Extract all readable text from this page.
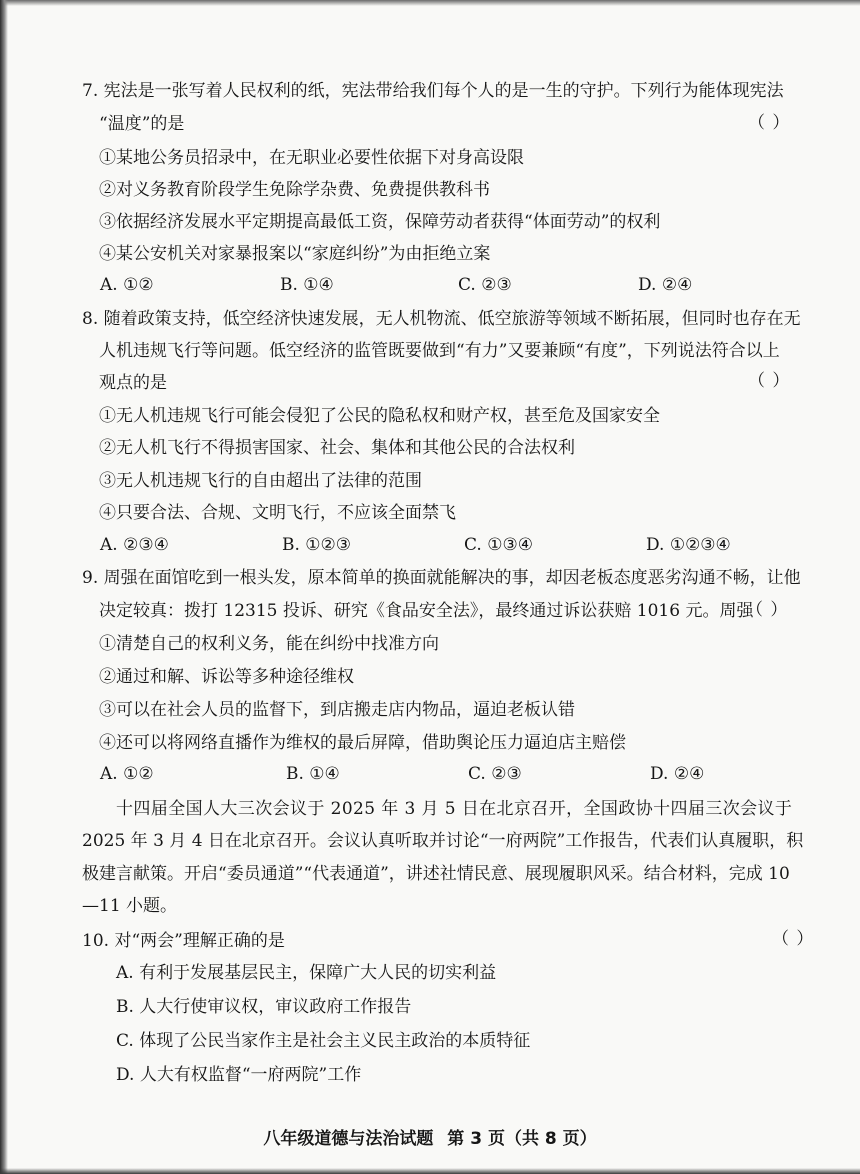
7. 宪法是一张写着人民权利的纸，宪法带给我们每个人的是一生的守护。下列行为能体现宪法
“温度”的是	（ ）
①某地公务员招录中，在无职业必要性依据下对身高设限
②对义务教育阶段学生免除学杂费、免费提供教科书
③依据经济发展水平定期提高最低工资，保障劳动者获得“体面劳动”的权利
④某公安机关对家暴报案以“家庭纠纷”为由拒绝立案
A. ①②	B. ①④	C. ②③	D. ②④
8. 随着政策支持，低空经济快速发展，无人机物流、低空旅游等领域不断拓展，但同时也存在无
人机违规飞行等问题。低空经济的监管既要做到“有力”又要兼顾“有度”，下列说法符合以上
观点的是	（ ）
①无人机违规飞行可能会侵犯了公民的隐私权和财产权，甚至危及国家安全
②无人机飞行不得损害国家、社会、集体和其他公民的合法权利
③无人机违规飞行的自由超出了法律的范围
④只要合法、合规、文明飞行，不应该全面禁飞
A. ②③④	B. ①②③	C. ①③④	D. ①②③④
9. 周强在面馆吃到一根头发，原本简单的换面就能解决的事，却因老板态度恶劣沟通不畅，让他
决定较真：拨打 12315 投诉、研究《食品安全法》，最终通过诉讼获赔 1016 元。周强
（ ）
①清楚自己的权利义务，能在纠纷中找准方向
②通过和解、诉讼等多种途径维权
③可以在社会人员的监督下，到店搬走店内物品，逼迫老板认错
④还可以将网络直播作为维权的最后屏障，借助舆论压力逼迫店主赔偿
A. ①②	B. ①④	C. ②③	D. ②④
十四届全国人大三次会议于 2025 年 3 月 5 日在北京召开，全国政协十四届三次会议于
2025 年 3 月 4 日在北京召开。会议认真听取并讨论“一府两院”工作报告，代表们认真履职，积
极建言献策。开启“委员通道”“代表通道”，讲述社情民意、展现履职风采。结合材料，完成 10
—11 小题。
10. 对“两会”理解正确的是	（ ）
A. 有利于发展基层民主，保障广大人民的切实利益
B. 人大行使审议权，审议政府工作报告
C. 体现了公民当家作主是社会主义民主政治的本质特征
D. 人大有权监督“一府两院”工作
八年级道德与法治试题 第 3 页（共 8 页）
